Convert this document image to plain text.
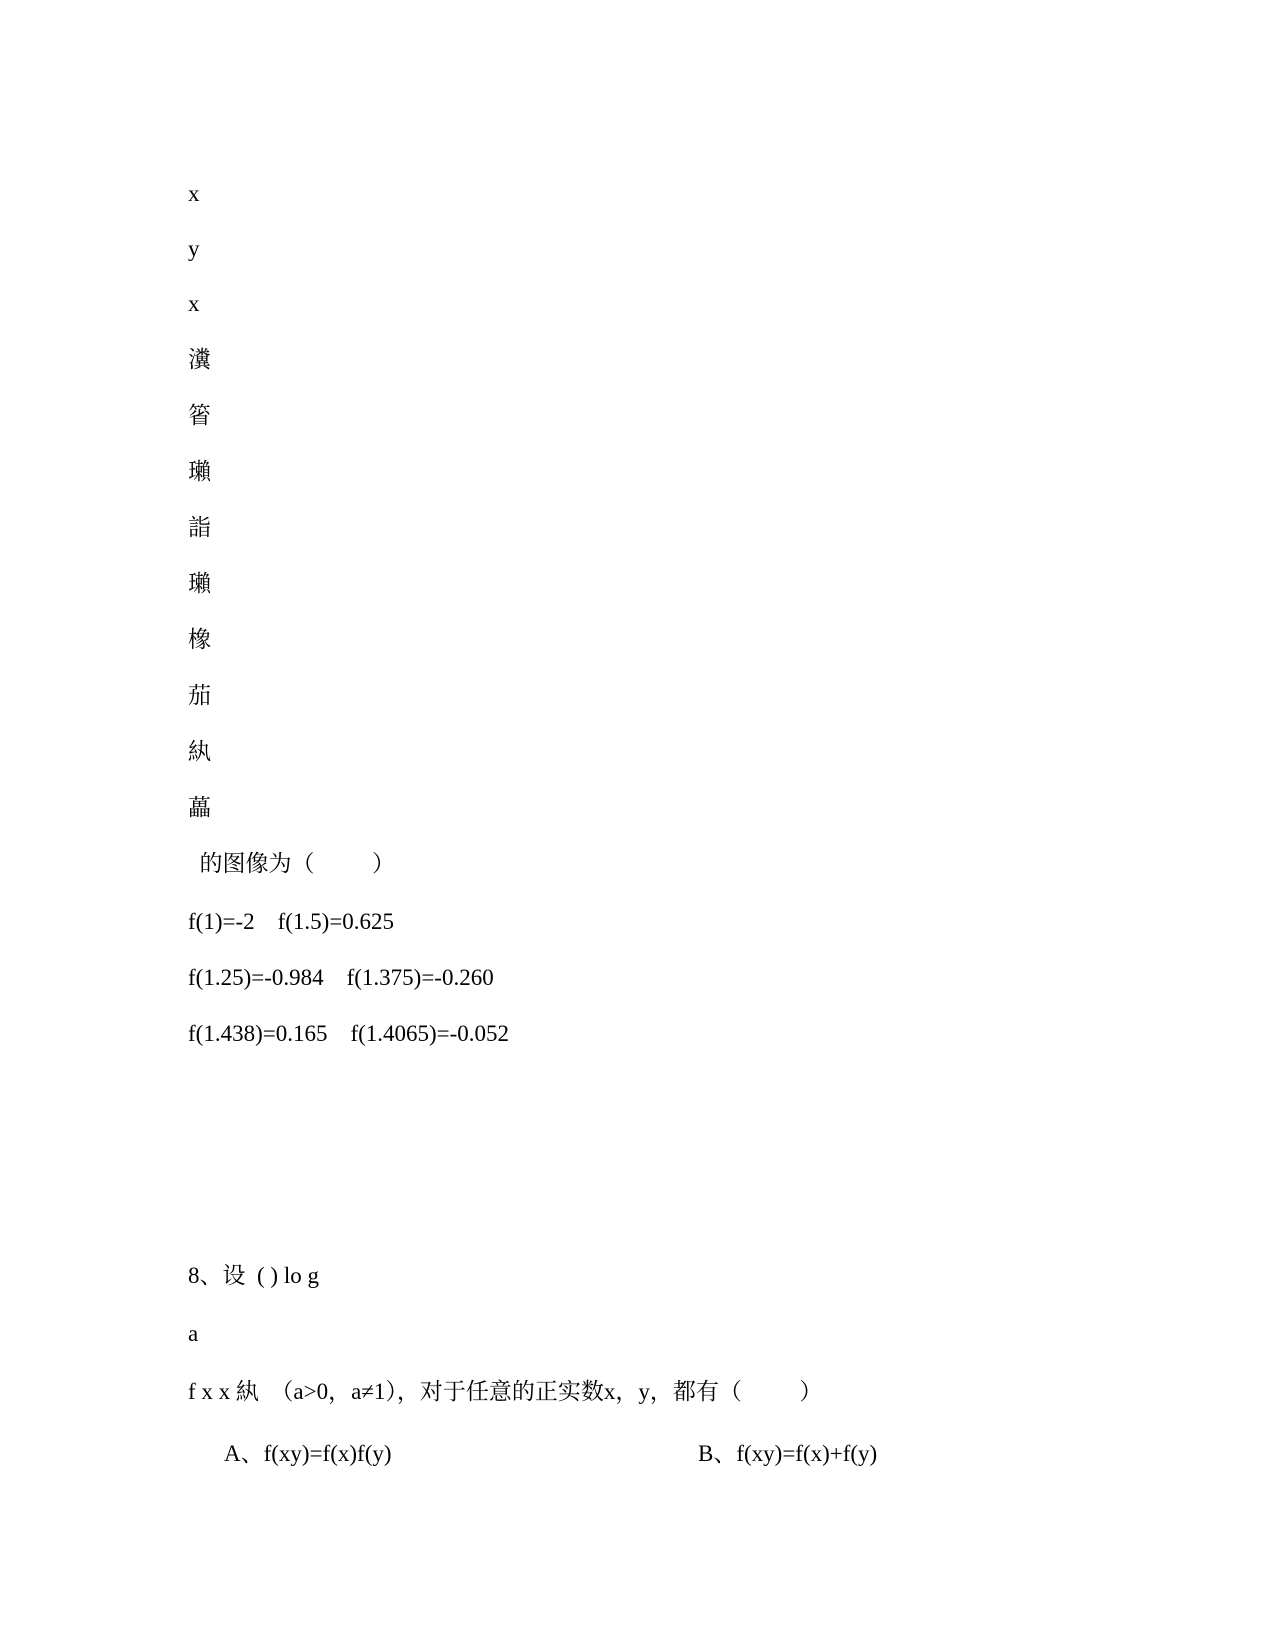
x
y
x
瀵
箵
瓎
詣
瓎
橡
茄
紈
藟
的图像为（          ）
f(1)=-2    f(1.5)=0.625
f(1.25)=-0.984    f(1.375)=-0.260
f(1.438)=0.165    f(1.4065)=-0.052
8、设  ( ) lo g
a
f x x 紈  （a>0，a≠1），对于任意的正实数x，y，都有（          ）
A、f(xy)=f(x)f(y)	B、f(xy)=f(x)+f(y)
